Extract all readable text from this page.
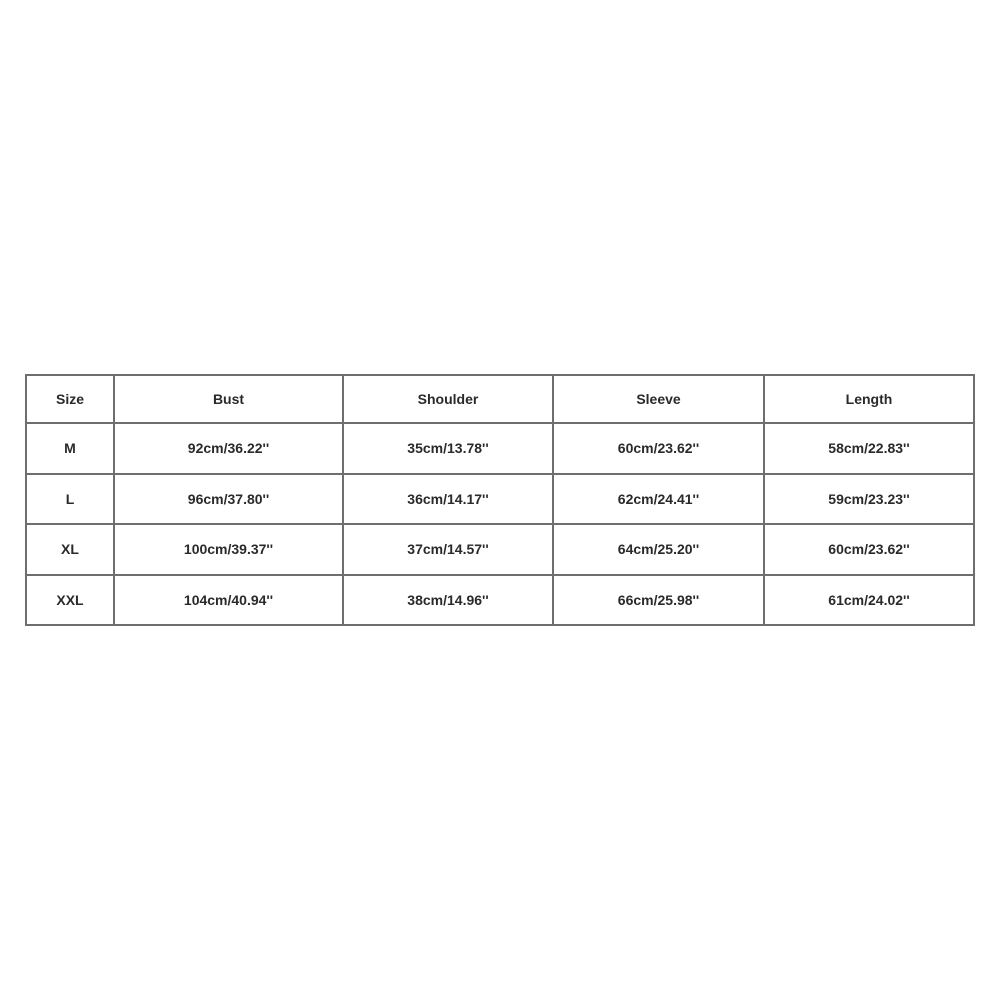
Size	Bust	Shoulder	Sleeve	Length
M	92cm/36.22''	35cm/13.78''	60cm/23.62''	58cm/22.83''
L	96cm/37.80''	36cm/14.17''	62cm/24.41''	59cm/23.23''
XL	100cm/39.37''	37cm/14.57''	64cm/25.20''	60cm/23.62''
XXL	104cm/40.94''	38cm/14.96''	66cm/25.98''	61cm/24.02''
